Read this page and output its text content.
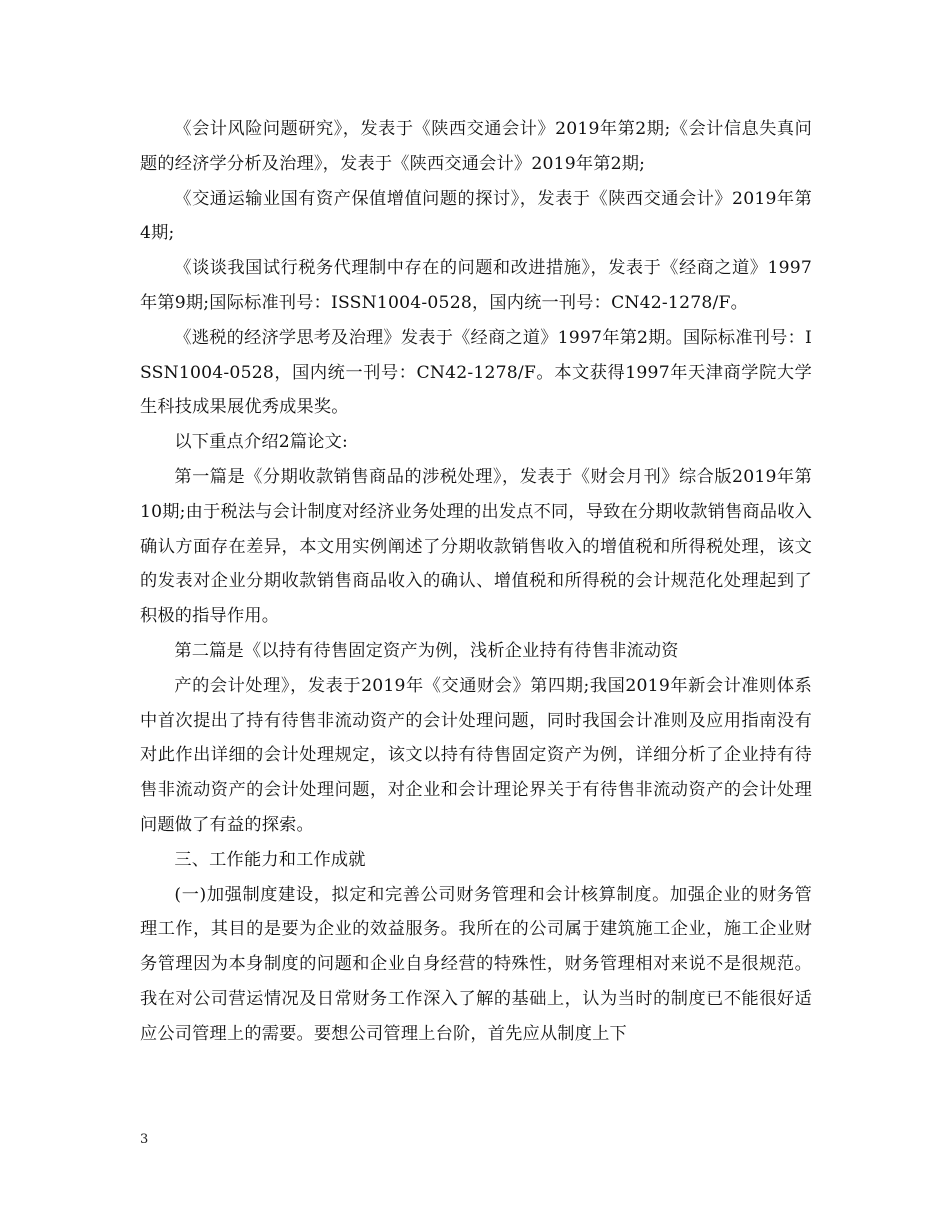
《会计风险问题研究》，发表于《陕西交通会计》2019年第2期;《会计信息失真问题的经济学分析及治理》，发表于《陕西交通会计》2019年第2期;

《交通运输业国有资产保值增值问题的探讨》，发表于《陕西交通会计》2019年第4期;

《谈谈我国试行税务代理制中存在的问题和改进措施》，发表于《经商之道》1997年第9期;国际标准刊号：ISSN1004-0528，国内统一刊号：CN42-1278/F。

《逃税的经济学思考及治理》发表于《经商之道》1997年第2期。国际标准刊号：ISSN1004-0528，国内统一刊号：CN42-1278/F。本文获得1997年天津商学院大学生科技成果展优秀成果奖。

以下重点介绍2篇论文:

第一篇是《分期收款销售商品的涉税处理》，发表于《财会月刊》综合版2019年第10期;由于税法与会计制度对经济业务处理的出发点不同，导致在分期收款销售商品收入确认方面存在差异，本文用实例阐述了分期收款销售收入的增值税和所得税处理，该文的发表对企业分期收款销售商品收入的确认、增值税和所得税的会计规范化处理起到了积极的指导作用。

第二篇是《以持有待售固定资产为例，浅析企业持有待售非流动资

产的会计处理》，发表于2019年《交通财会》第四期;我国2019年新会计准则体系中首次提出了持有待售非流动资产的会计处理问题，同时我国会计准则及应用指南没有对此作出详细的会计处理规定，该文以持有待售固定资产为例，详细分析了企业持有待售非流动资产的会计处理问题，对企业和会计理论界关于有待售非流动资产的会计处理问题做了有益的探索。

三、工作能力和工作成就

(一)加强制度建设，拟定和完善公司财务管理和会计核算制度。加强企业的财务管理工作，其目的是要为企业的效益服务。我所在的公司属于建筑施工企业，施工企业财务管理因为本身制度的问题和企业自身经营的特殊性，财务管理相对来说不是很规范。我在对公司营运情况及日常财务工作深入了解的基础上，认为当时的制度已不能很好适应公司管理上的需要。要想公司管理上台阶，首先应从制度上下

3
